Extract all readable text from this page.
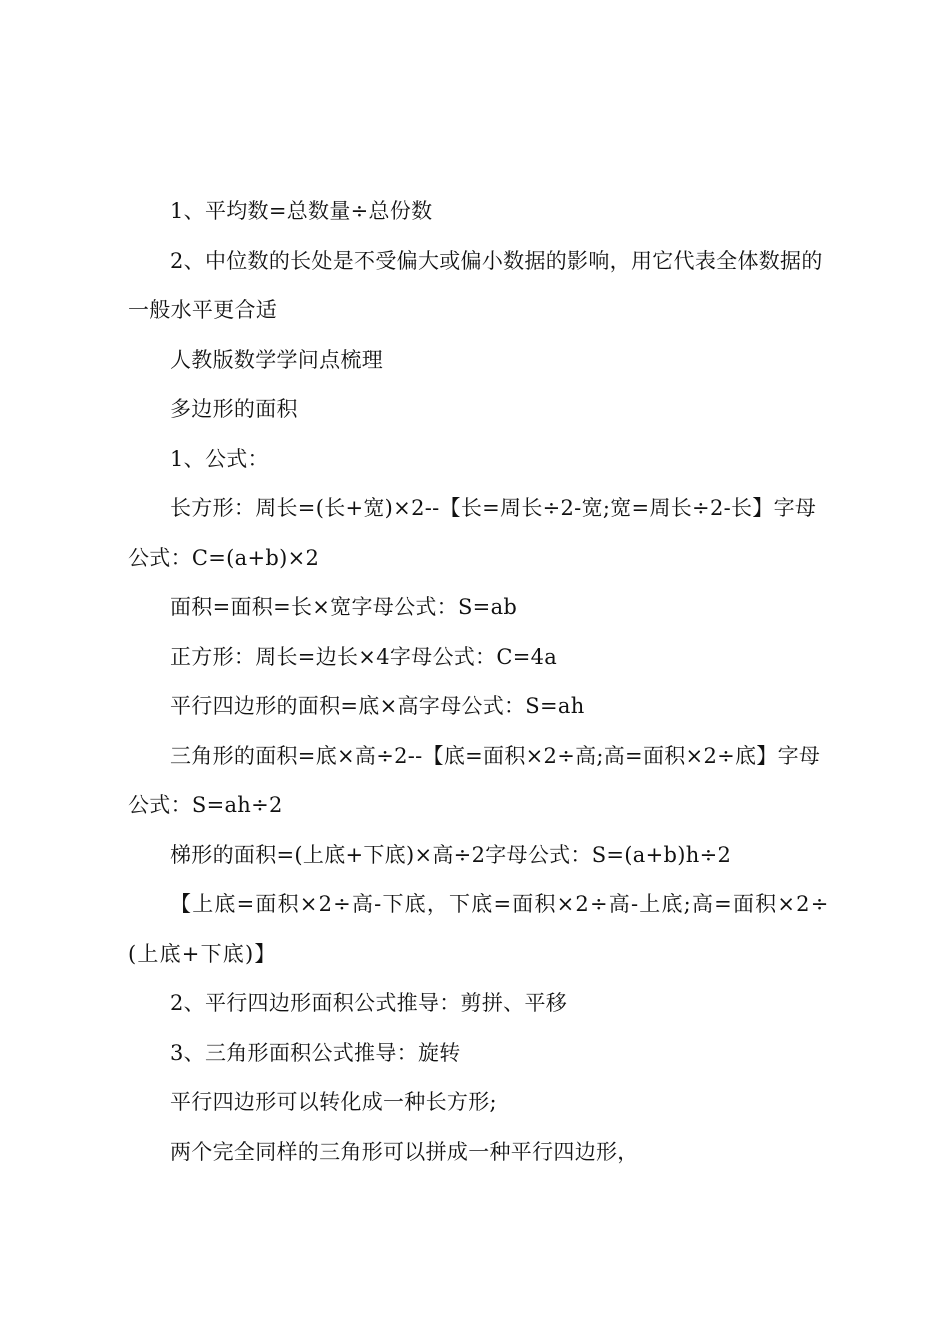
1、平均数=总数量÷总份数

2、中位数的长处是不受偏大或偏小数据的影响，用它代表全体数据的一般水平更合适

人教版数学学问点梳理

多边形的面积

1、公式：

长方形：周长=(长+宽)×2--【长=周长÷2-宽;宽=周长÷2-长】字母公式：C=(a+b)×2

面积=面积=长×宽字母公式：S=ab

正方形：周长=边长×4字母公式：C=4a

平行四边形的面积=底×高字母公式：S=ah

三角形的面积=底×高÷2--【底=面积×2÷高;高=面积×2÷底】字母公式：S=ah÷2

梯形的面积=(上底+下底)×高÷2字母公式：S=(a+b)h÷2

【上底=面积×2÷高-下底，下底=面积×2÷高-上底;高=面积×2÷(上底+下底)】

2、平行四边形面积公式推导：剪拼、平移

3、三角形面积公式推导：旋转

平行四边形可以转化成一种长方形;

两个完全同样的三角形可以拼成一种平行四边形，
